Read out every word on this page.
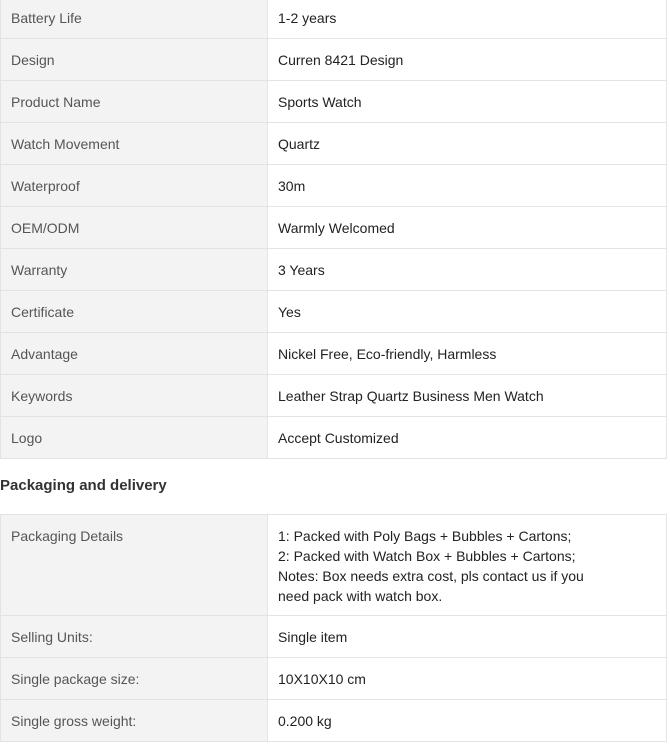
Battery Life	1-2 years
Design	Curren 8421 Design
Product Name	Sports Watch
Watch Movement	Quartz
Waterproof	30m
OEM/ODM	Warmly Welcomed
Warranty	3 Years
Certificate	Yes
Advantage	Nickel Free, Eco-friendly, Harmless
Keywords	Leather Strap Quartz Business Men Watch
Logo	Accept Customized
Packaging and delivery
Packaging Details	1: Packed with Poly Bags + Bubbles + Cartons;
2: Packed with Watch Box + Bubbles + Cartons;
Notes: Box needs extra cost, pls contact us if you
need pack with watch box.

Selling Units:	Single item
Single package size:	10X10X10 cm
Single gross weight:	0.200 kg
